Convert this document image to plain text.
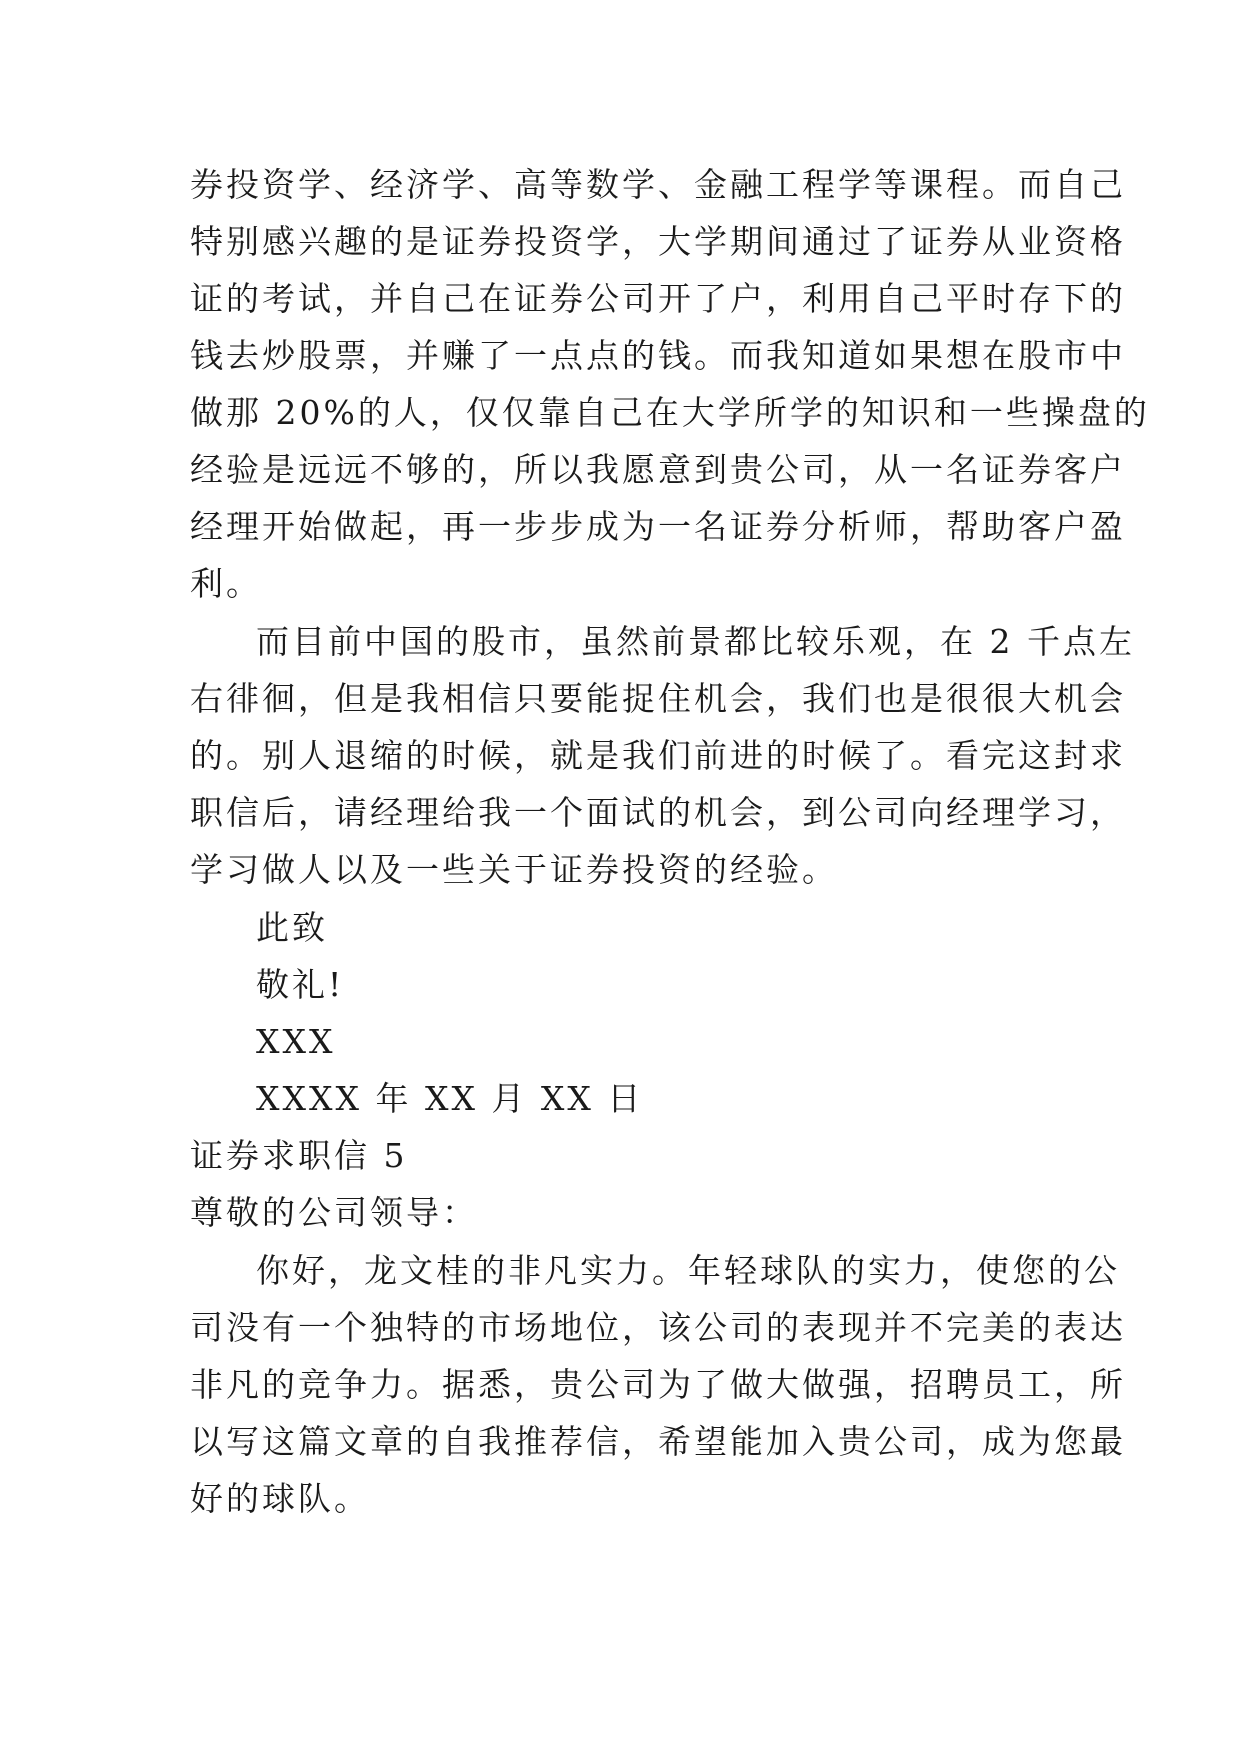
券投资学、经济学、高等数学、金融工程学等课程。而自己
特别感兴趣的是证券投资学，大学期间通过了证券从业资格
证的考试，并自己在证券公司开了户，利用自己平时存下的
钱去炒股票，并赚了一点点的钱。而我知道如果想在股市中
做那 20%的人，仅仅靠自己在大学所学的知识和一些操盘的
经验是远远不够的，所以我愿意到贵公司，从一名证券客户
经理开始做起，再一步步成为一名证券分析师，帮助客户盈
利。
而目前中国的股市，虽然前景都比较乐观，在 2 千点左
右徘徊，但是我相信只要能捉住机会，我们也是很很大机会
的。别人退缩的时候，就是我们前进的时候了。看完这封求
职信后，请经理给我一个面试的机会，到公司向经理学习，
学习做人以及一些关于证券投资的经验。
此致
敬礼!
XXX
XXXX 年 XX 月 XX 日
证券求职信 5
尊敬的公司领导：
你好，龙文桂的非凡实力。年轻球队的实力，使您的公
司没有一个独特的市场地位，该公司的表现并不完美的表达
非凡的竞争力。据悉，贵公司为了做大做强，招聘员工，所
以写这篇文章的自我推荐信，希望能加入贵公司，成为您最
好的球队。
